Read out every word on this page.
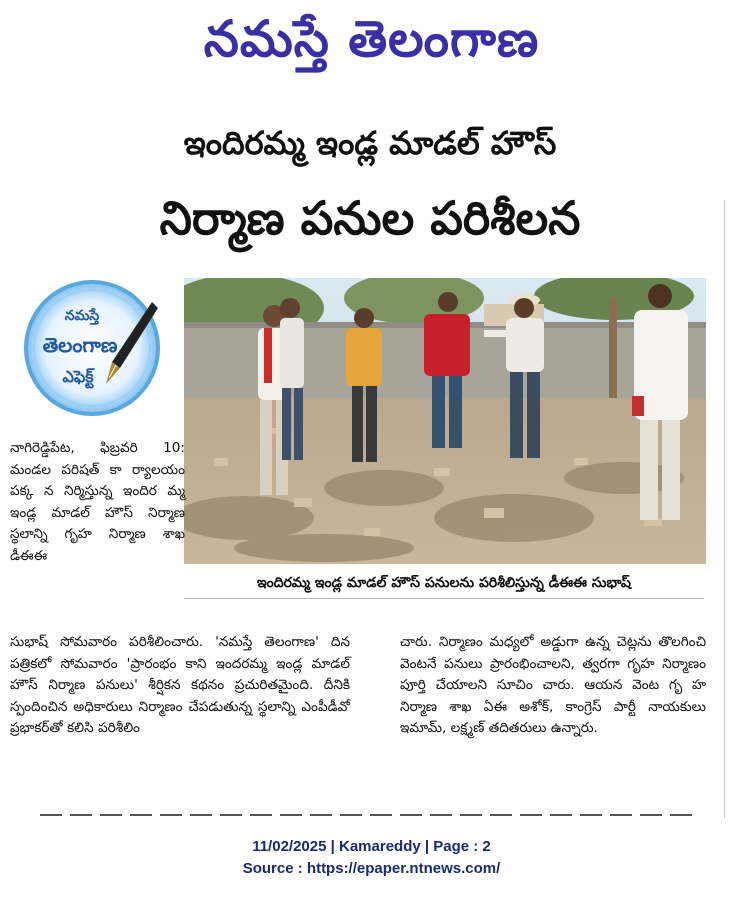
నమస్తే తెలంగాణ
ఇందిరమ్మ ఇండ్ల మాడల్ హౌస్
నిర్మాణ పనుల పరిశీలన
నమస్తే
తెలంగాణ
ఎఫెక్ట్
ఇందిరమ్మ ఇండ్ల మాడల్ హౌస్ పనులను పరిశీలిస్తున్న డీఈఈ సుభాష్
నాగిరెడ్డిపేట, ఫిబ్రవరి 10: మండల పరిషత్ కా ర్యాలయం పక్క న నిర్మిస్తున్న ఇందిర మ్మ ఇండ్ల మాడల్ హౌస్ నిర్మాణ స్థలాన్ని గృహ నిర్మాణ శాఖ డీఈఈ
సుభాష్ సోమవారం పరిశీలించారు. 'నమస్తే తెలంగాణ' దిన పత్రికలో సోమవారం 'ప్రారంభం కాని ఇందరమ్మ ఇండ్ల మాడల్ హౌస్ నిర్మాణ పనులు' శీర్షికన కథనం ప్రచురితమైంది. దీనికి స్పందించిన అధికారులు నిర్మాణం చేపడుతున్న స్థలాన్ని ఎంపీడీవో ప్రభాకర్‌తో కలిసి పరిశీలిం
చారు. నిర్మాణం మధ్యలో అడ్డుగా ఉన్న చెట్లను తొలగించి వెంటనే పనులు ప్రారంభించాలని, త్వరగా గృహ నిర్మాణం పూర్తి చేయాలని సూచిం చారు. ఆయన వెంట గృ హ నిర్మాణ శాఖ ఏఈ అశోక్, కాంగ్రెస్ పార్టీ నాయకులు ఇమామ్, లక్ష్మణ్ తదితరులు ఉన్నారు.
11/02/2025 | Kamareddy | Page : 2
Source : https://epaper.ntnews.com/
